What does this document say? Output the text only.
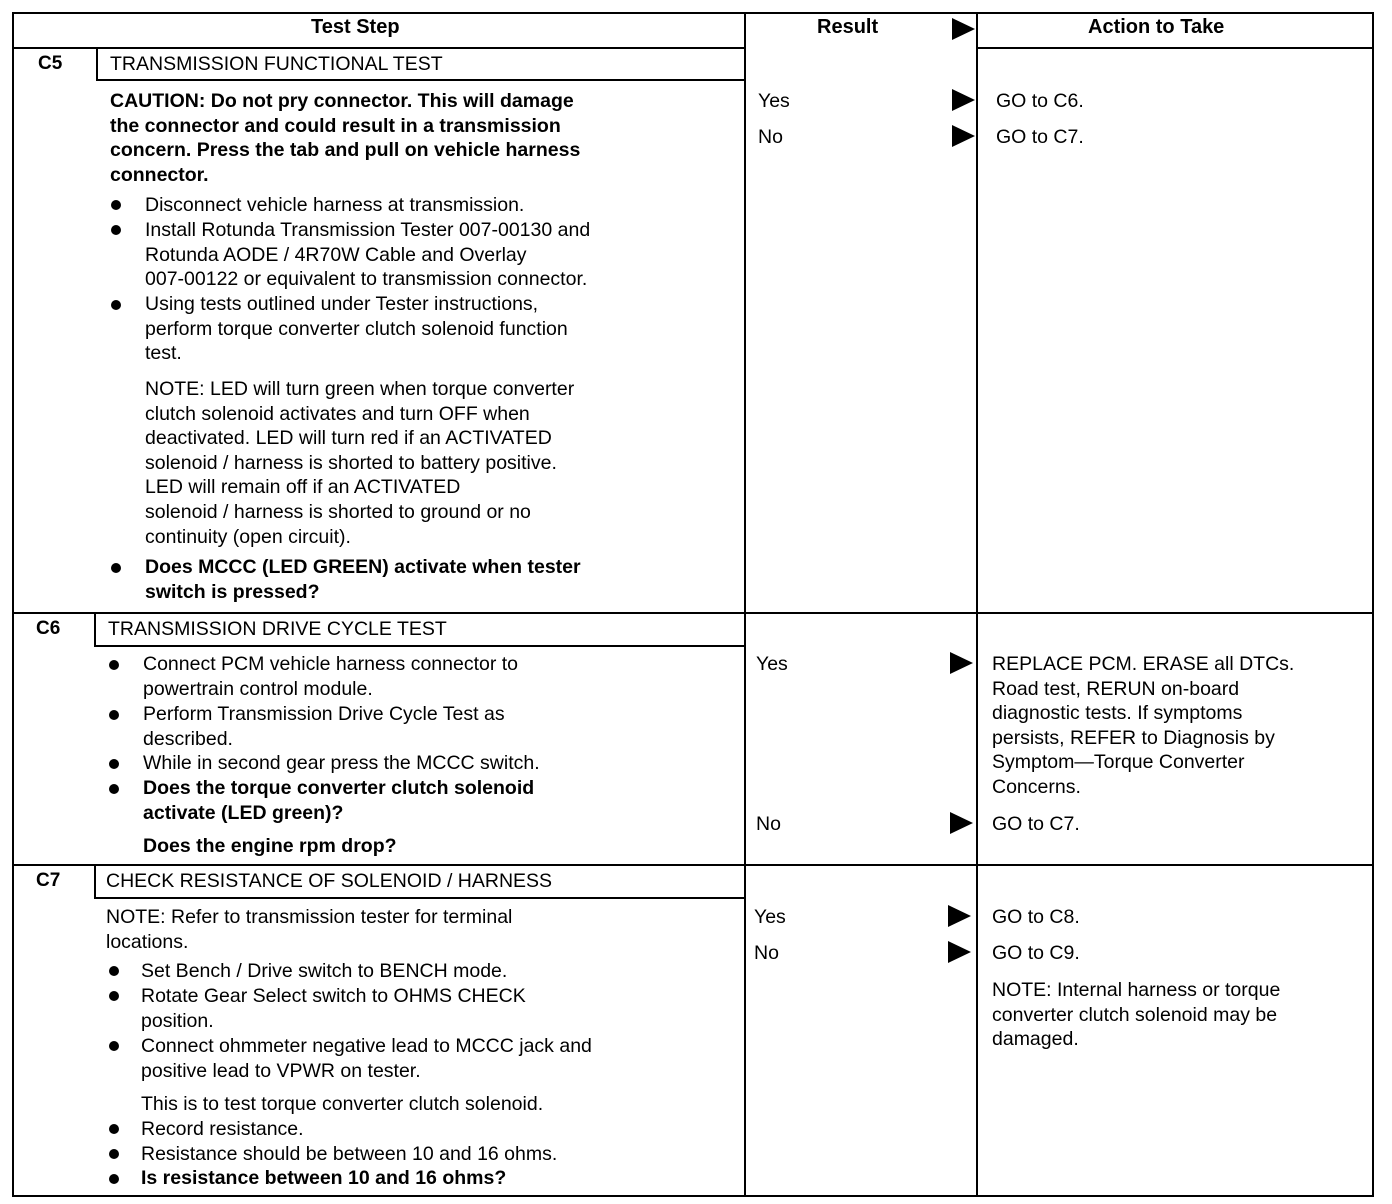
Test Step	Result	Action to Take
C5 TRANSMISSION FUNCTIONAL TEST
CAUTION: Do not pry connector. This will damage
the connector and could result in a transmission
concern. Press the tab and pull on vehicle harness
connector.
Disconnect vehicle harness at transmission.
Install Rotunda Transmission Tester 007-00130 and
Rotunda AODE / 4R70W Cable and Overlay
007-00122 or equivalent to transmission connector.
Using tests outlined under Tester instructions,
perform torque converter clutch solenoid function
test.
NOTE: LED will turn green when torque converter
clutch solenoid activates and turn OFF when
deactivated. LED will turn red if an ACTIVATED
solenoid / harness is shorted to battery positive.
LED will remain off if an ACTIVATED
solenoid / harness is shorted to ground or no
continuity (open circuit).
Does MCCC (LED GREEN) activate when tester
switch is pressed?
Yes
No
GO to C6.
GO to C7.
C6 TRANSMISSION DRIVE CYCLE TEST
Connect PCM vehicle harness connector to
powertrain control module.
Perform Transmission Drive Cycle Test as
described.
While in second gear press the MCCC switch.
Does the torque converter clutch solenoid
activate (LED green)?
Does the engine rpm drop?
Yes
No
REPLACE PCM. ERASE all DTCs.
Road test, RERUN on-board
diagnostic tests. If symptoms
persists, REFER to Diagnosis by
Symptom—Torque Converter
Concerns.
GO to C7.
C7 CHECK RESISTANCE OF SOLENOID / HARNESS
NOTE: Refer to transmission tester for terminal
locations.
Set Bench / Drive switch to BENCH mode.
Rotate Gear Select switch to OHMS CHECK
position.
Connect ohmmeter negative lead to MCCC jack and
positive lead to VPWR on tester.
This is to test torque converter clutch solenoid.
Record resistance.
Resistance should be between 10 and 16 ohms.
Is resistance between 10 and 16 ohms?
Yes
No
GO to C8.
GO to C9.
NOTE: Internal harness or torque
converter clutch solenoid may be
damaged.
